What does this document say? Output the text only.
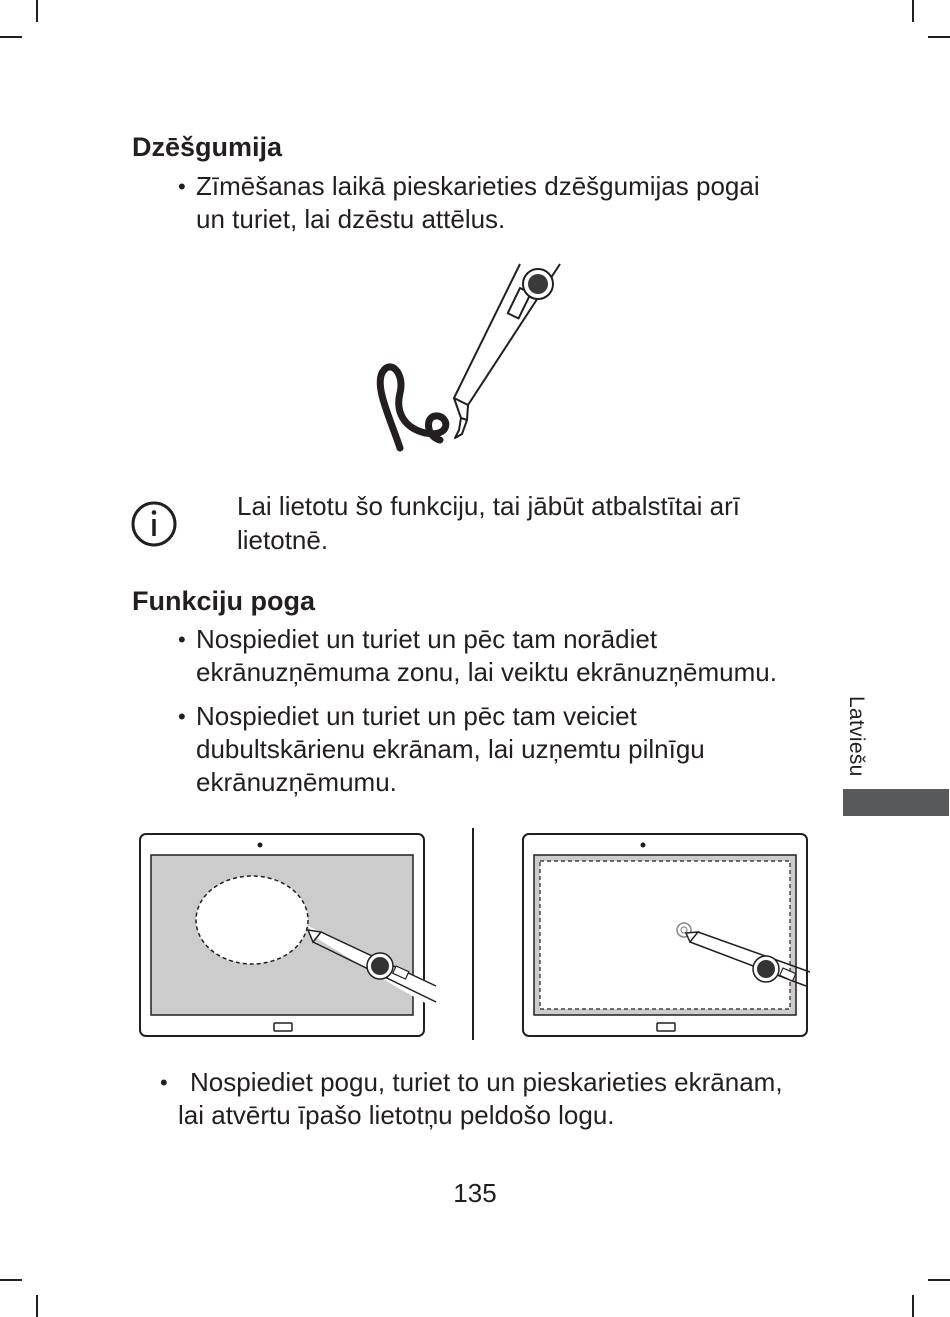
Dzēšgumija
• Zīmēšanas laikā pieskarieties dzēšgumijas pogai
un turiet, lai dzēstu attēlus.
Lai lietotu šo funkciju, tai jābūt atbalstītai arī
lietotnē.
Funkciju poga
• Nospiediet un turiet un pēc tam norādiet
ekrānuzņēmuma zonu, lai veiktu ekrānuzņēmumu.
• Nospiediet un turiet un pēc tam veiciet
dubultskārienu ekrānam, lai uzņemtu pilnīgu
ekrānuzņēmumu.
Latviešu
• Nospiediet pogu, turiet to un pieskarieties ekrānam,
lai atvērtu īpašo lietotņu peldošo logu.
135
